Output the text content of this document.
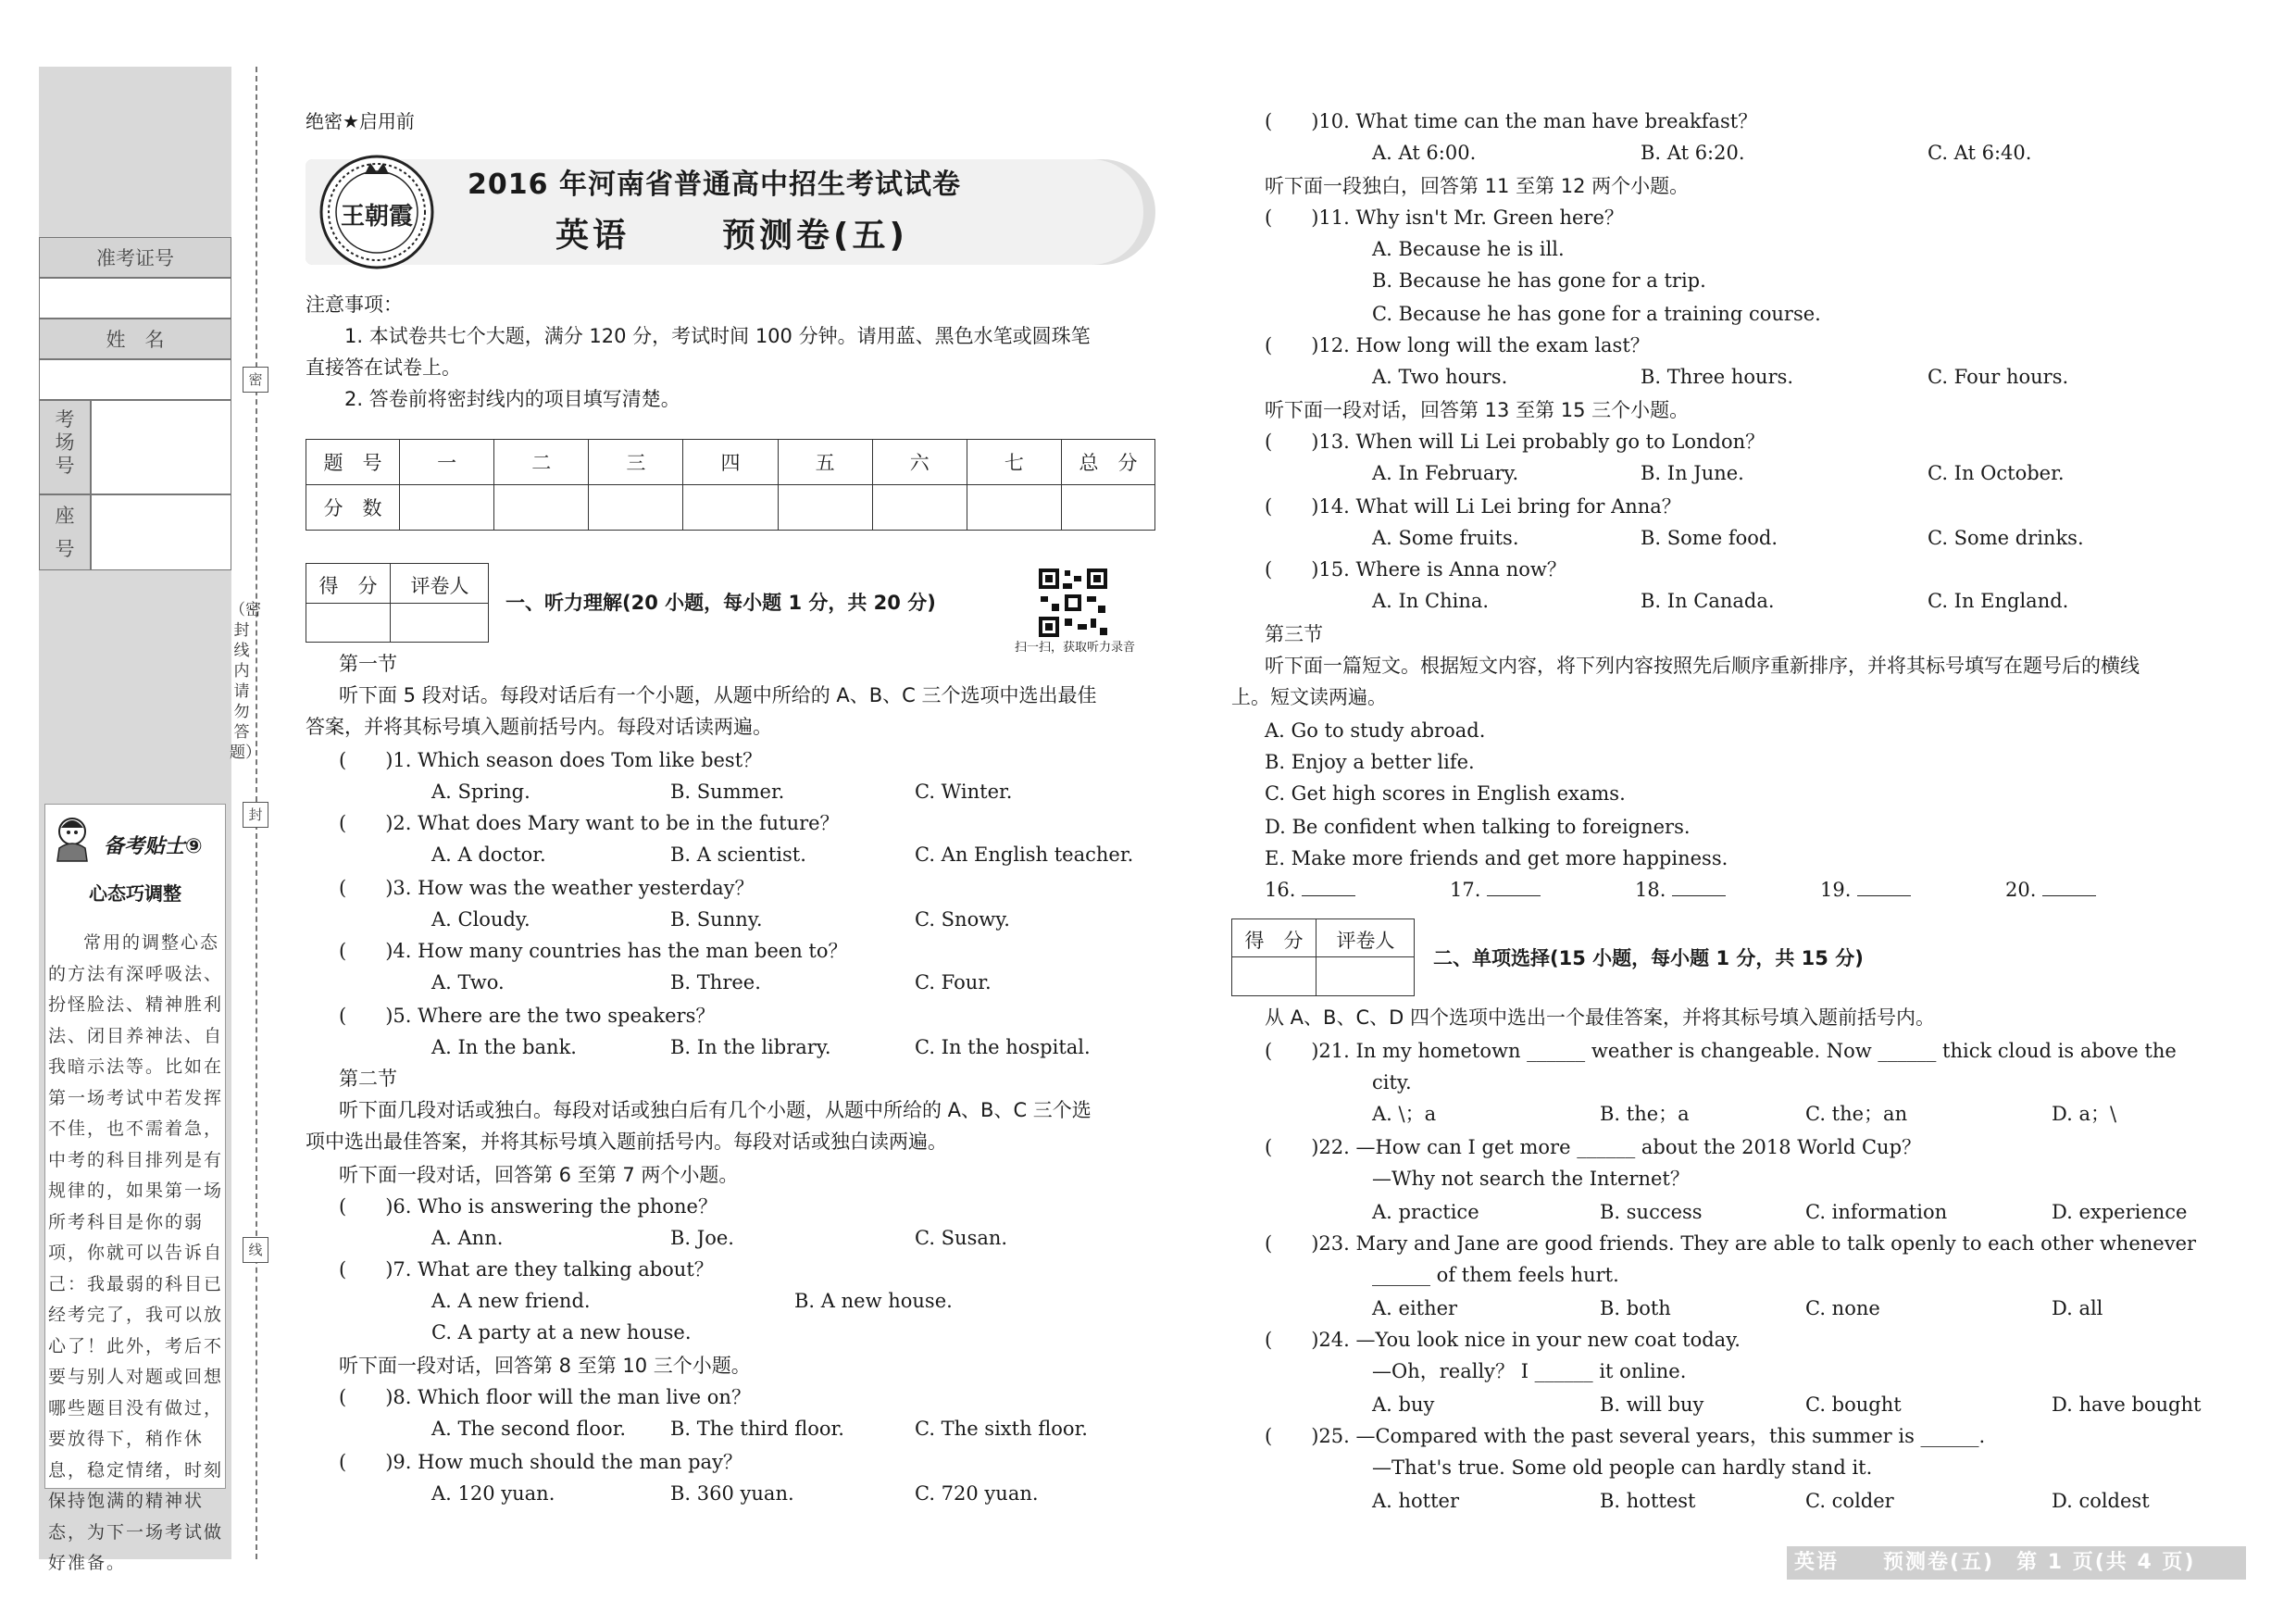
准考证号
姓　名
考场号
座号
密
封
线
（密封线内请勿答题）
备考贴士⑨
心态巧调整
常用的调整心态的方法有深呼吸法、扮怪脸法、精神胜利法、闭目养神法、自我暗示法等。比如在第一场考试中若发挥不佳，也不需着急，中考的科目排列是有规律的，如果第一场所考科目是你的弱项，你就可以告诉自己：我最弱的科目已经考完了，我可以放心了！此外，考后不要与别人对题或回想哪些题目没有做过，要放得下，稍作休息，稳定情绪，时刻保持饱满的精神状态，为下一场考试做好准备。
绝密★启用前
王朝霞
2016 年河南省普通高中招生考试试卷
英语	预测卷(五)
注意事项：
1. 本试卷共七个大题，满分 120 分，考试时间 100 分钟。请用蓝、黑色水笔或圆珠笔
直接答在试卷上。
2. 答卷前将密封线内的项目填写清楚。
题　号	一	二	三	四	五	六	七	总　分
分　数								
得　分	评卷人
一、听力理解(20 小题，每小题 1 分，共 20 分)
扫一扫，获取听力录音
第一节
听下面 5 段对话。每段对话后有一个小题，从题中所给的 A、B、C 三个选项中选出最佳
答案，并将其标号填入题前括号内。每段对话读两遍。
(　　)1. Which season does Tom like best？
A. Spring.	B. Summer.	C. Winter.
(　　)2. What does Mary want to be in the future？
A. A doctor.	B. A scientist.	C. An English teacher.
(　　)3. How was the weather yesterday？
A. Cloudy.	B. Sunny.	C. Snowy.
(　　)4. How many countries has the man been to？
A. Two.	B. Three.	C. Four.
(　　)5. Where are the two speakers？
A. In the bank.	B. In the library.	C. In the hospital.
第二节
听下面几段对话或独白。每段对话或独白后有几个小题，从题中所给的 A、B、C 三个选
项中选出最佳答案，并将其标号填入题前括号内。每段对话或独白读两遍。
听下面一段对话，回答第 6 至第 7 两个小题。
(　　)6. Who is answering the phone？
A. Ann.	B. Joe.	C. Susan.
(　　)7. What are they talking about？
A. A new friend.	B. A new house.
C. A party at a new house.
听下面一段对话，回答第 8 至第 10 三个小题。
(　　)8. Which floor will the man live on？
A. The second floor. B. The third floor.	C. The sixth floor.
(　　)9. How much should the man pay？
A. 120 yuan.	B. 360 yuan.	C. 720 yuan.
(　　)10. What time can the man have breakfast？
A. At 6:00.	B. At 6:20.	C. At 6:40.
听下面一段独白，回答第 11 至第 12 两个小题。
(　　)11. Why isn't Mr. Green here？
A. Because he is ill.
B. Because he has gone for a trip.
C. Because he has gone for a training course.
(　　)12. How long will the exam last？
A. Two hours.	B. Three hours.	C. Four hours.
听下面一段对话，回答第 13 至第 15 三个小题。
(　　)13. When will Li Lei probably go to London？
A. In February.	B. In June.	C. In October.
(　　)14. What will Li Lei bring for Anna？
A. Some fruits.	B. Some food.	C. Some drinks.
(　　)15. Where is Anna now？
A. In China.	B. In Canada.	C. In England.
第三节
听下面一篇短文。根据短文内容，将下列内容按照先后顺序重新排序，并将其标号填写在题号后的横线
上。短文读两遍。
A. Go to study abroad.
B. Enjoy a better life.
C. Get high scores in English exams.
D. Be confident when talking to foreigners.
E. Make more friends and get more happiness.
16.	17.	18.	19.	20.
得　分	评卷人
二、单项选择(15 小题，每小题 1 分，共 15 分)
从 A、B、C、D 四个选项中选出一个最佳答案，并将其标号填入题前括号内。
(　　)21. In my hometown ______ weather is changeable. Now ______ thick cloud is above the
city.
A. \；a	B. the；a	C. the；an	D. a；\
(　　)22. —How can I get more ______ about the 2018 World Cup？
—Why not search the Internet？
A. practice	B. success	C. information	D. experience
(　　)23. Mary and Jane are good friends. They are able to talk openly to each other whenever
______ of them feels hurt.
A. either	B. both	C. none	D. all
(　　)24. —You look nice in your new coat today.
—Oh，really？ I ______ it online.
A. buy	B. will buy	C. bought	D. have bought
(　　)25. —Compared with the past several years，this summer is ______.
—That's true. Some old people can hardly stand it.
A. hotter	B. hottest	C. colder	D. coldest
英语　　预测卷(五)　第 1 页(共 4 页)
